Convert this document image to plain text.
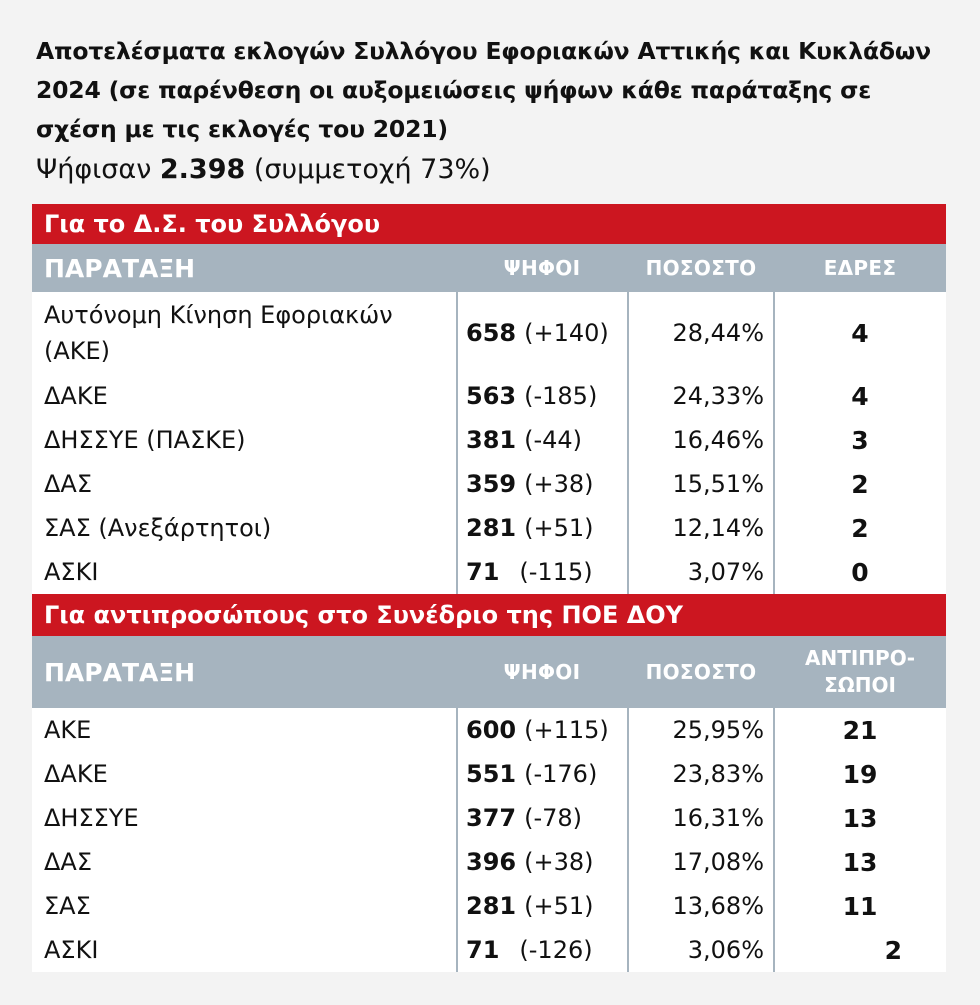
Αποτελέσματα εκλογών Συλλόγου Εφοριακών Αττικής και Κυκλάδων 2024 (σε παρένθεση οι αυξομειώσεις ψήφων κάθε παράταξης σε σχέση με τις εκλογές του 2021)
Ψήφισαν 2.398 (συμμετοχή 73%)
Για το Δ.Σ. του Συλλόγου
ΠΑΡΑΤΑΞΗ	ΨΗΦΟΙ	ΠΟΣΟΣΤΟ	ΕΔΡΕΣ
Αυτόνομη Κίνηση Εφοριακών (ΑΚΕ)
658 (+140)	28,44%	4
ΔΑΚΕ	563 (-185)	24,33%	4
ΔΗΣΣΥΕ (ΠΑΣΚΕ)	381 (-44)	16,46%	3
ΔΑΣ	359 (+38)	15,51%	2
ΣΑΣ (Ανεξάρτητοι)	281 (+51)	12,14%	2
ΑΣΚΙ	71 (-115)	3,07%	0
Για αντιπροσώπους στο Συνέδριο της ΠΟΕ ΔΟΥ
ΠΑΡΑΤΑΞΗ	ΨΗΦΟΙ	ΠΟΣΟΣΤΟ
ΑΝΤΙΠΡΟ-
ΣΩΠΟΙ
ΑΚΕ	600 (+115)	25,95%	21
ΔΑΚΕ	551 (-176)	23,83%	19
ΔΗΣΣΥΕ	377 (-78)	16,31%	13
ΔΑΣ	396 (+38)	17,08%	13
ΣΑΣ	281 (+51)	13,68%	11
ΑΣΚΙ	71 (-126)	3,06%	2
